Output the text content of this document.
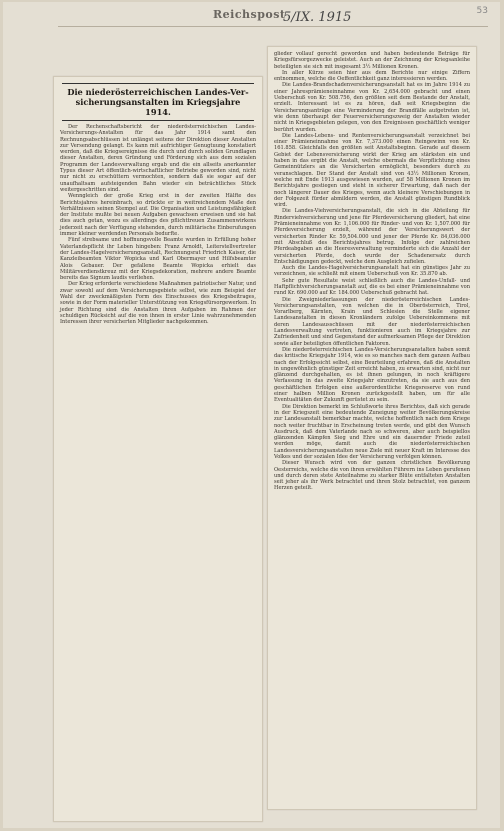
Reichspost
5/IX. 1915	53
Die niederösterreichischen Landes-Ver-
sicherungsanstalten im Kriegsjahre 1914.

Der Rechenschaftsbericht der niederösterreichischen Landes-Versicherungs-Anstalten für das Jahr 1914 samt den Rechnungsabschlüssen ist unlängst seitens der Direktion dieser Anstalten zur Versendung gelangt. Es kann mit aufrichtiger Genugtuung konstatiert werden, daß die Kriegsereignisse die durch und durch soliden Grundlagen dieser Anstalten, deren Gründung und Förderung sich aus dem sozialen Programm der Landesverwaltung ergab und die ein allseits anerkannter Typus dieser Art öffentlich-wirtschaftlicher Betriebe geworden sind, nicht nur nicht zu erschüttern vermochten, sondern daß sie sogar auf der unaufhaltsam aufsteigenden Bahn wieder ein beträchtliches Stück weitergeschritten sind.

Wenngleich der große Krieg erst in der zweiten Hälfte des Berichtsjahres hereinbrach, so drückte er in weitreichendem Maße den Verhältnissen seinen Stempel auf. Die Organisation und Leistungsfähigkeit der Institute mußte bei neuen Aufgaben gewachsen erweisen und sie hat dies auch getan, wozu es allerdings des pflichttreuen Zusammenwirkens jederzeit nach der Verfügung stehenden, durch militärische Einberufungen immer kleiner werdenden Personals bedurfte.

Fünf strebsame und hoffnungsvolle Beamte wurden in Erfüllung hoher Vaterlandspflicht ihr Leben hingeben: Franz Arnoldt, Leiterstellvertreter der Landes-Hagelversicherungsanstalt, Rechnungsrat Friedrich Kaiser, die Kanzleibeamten Viktor Wopicka und Karl Obermayer und Hilfsbeamter Alois Gebauer. Der gefallene Beamte Wopicka erhielt das Militärverdienstkreuz mit der Kriegsdekoration, mehrere andere Beamte bereits das Signum laudis verliehen.

Der Krieg erforderte verschiedene Maßnahmen patriotischer Natur, und zwar sowohl auf dem Versicherungsgebiete selbst, wie zum Beispiel der Wahl der zweckmäßigsten Form des Einschusses des Kriegsbeitrages, sowie in der Form materieller Unterstützung von Kriegsfürsorgewerken. In jeder Richtung sind die Anstalten ihren Aufgaben im Rahmen der schuldigen Rücksicht auf die von ihnen in erster Linie wahrzunehmenden Interessen ihrer versicherten Mitglieder nachgekommen.

glieder vollauf gerecht geworden und haben bedeutende Beträge für Kriegsfürsorgezwecke geleistet. Auch an der Zeichnung der Kriegsanleihe beteiligten sie sich mit insgesamt 3½ Millionen Kronen.

In aller Kürze seien hier aus dem Berichte nur einige Ziffern entnommen, welche die Oeffentlichkeit ganz interessieren werden.

Die Landes-Brandschadenversicherungsanstalt hat es im Jahre 1914 zu einer Jahresprämieneinnahme von Kr. 2,654.000 gebracht und einen Ueberschuß von Kr. 508.756, den größten seit dem Bestande der Anstalt, erzielt. Interessant ist es zu hören, daß seit Kriegsbeginn die Versicherungsanträge eine Verminderung der Brandfälle aufgetreten ist, wie denn überhaupt der Feuerversicherungszweig der Anstalten wieder nicht in Kriegsgebieten gelegen, von den Ereignissen geschäftlich weniger berührt wurden.

Die Landes-Lebens- und Rentenversicherungsanstalt verzeichnet bei einer Prämieneinnahme von Kr. 7,373.000 einen Reingewinn von Kr. 161.858. Gleichfalls den größten seit Anstaltsbeginn. Gerade auf diesem Gebiet der Lebensversicherung wirkt der Krieg am stärksten ein und haben in das ergibt die Anstalt, welche obermals die Verpflichtung eines Gemeinnützlers an die Versicherten ermöglicht, besonders durch zu veranschlagen. Der Stand der Anstalt sind von 43½ Millionen Kronen, welche mit Ende 1913 ausgewiesen wurden, auf 58 Millionen Kronen im Berichtsjahre gestiegen und steht in sicherer Erwartung, daß nach der noch längerer Dauer des Krieges, wenn auch kleinere Verschiebungen in der Folgezeit fürder abmildern werden, die Anstalt günstigen Rundblick wird.

Die Landes-Viehversicherungsanstalt, die sich in die Abteilung für Rinderviehversicherung und jene für Pferdeversicherung gliedert, hat eine Prämieneinnahme von Kr. 1,106.000 für Rinder- und von Kr. 1,507.000 für Pferdeversicherung erzielt, während der Versicherungswert der versicherten Rinder Kr. 59,504.000 und jener der Pferde Kr. 84,036.000 mit Abschluß des Berichtsjahres betrug. Infolge der zahlreichen Pferdeabgaben an die Heeresverwaltung verminderte sich die Anzahl der versicherten Pferde, doch wurde der Schadenersatz durch Entschädigungen gedeckt, welche dem Ausgleich zufielen.

Auch die Landes-Hagelversicherungsanstalt hat ein günstiges Jahr zu verzeichnen, sie schließt mit einem Ueberschuß von Kr. 35.870 ab.

Sehr gute Resultate weist schließlich auch die Landes-Unfall- und Haftpflichtversicherungsanstalt auf, die es bei einer Prämieneinnahme von rund Kr. 690.000 auf Kr. 184.000 Ueberschuß gebracht hat.

Die Zweigniederlassungen der niederösterreichischen Landes-Versicherungsanstalten, von welchen die in Oberösterreich, Tirol, Vorarlberg, Kärnten, Krain und Schlesien die Stelle eigener Landesanstalten in diesen Kronländern zufolge Uebereinkommens mit deren Landesausschüssen mit der niederösterreichischen Landesverwaltung vertreten, funktionieren auch im Kriegsjahre zur Zufriedenheit und sind Gegenstand der aufmerksamen Pflege der Direktion sowie aller beteiligten öffentlichen Faktoren.

Die niederösterreichischen Landes-Versicherungsanstalten haben somit das kritische Kriegsjahr 1914, wie es so manches nach dem ganzen Aufbau nach der Erfolgssicht selbst, eine Beurteilung erfahren, daß die Anstalten in ungewöhnlich günstiger Zeit erreicht haben, zu erwarten sind, nicht nur glänzend durchgehalten, es ist ihnen gelungen, in noch kräftigere Verfassung in das zweite Kriegsjahr einzutreten, da sie auch aus den geschäftlichen Erfolgen eine außerordentliche Kriegsreserve von rund einer halben Million Kronen zurückgestellt haben, um für alle Eventualitäten der Zukunft gerüstet zu sein.

Die Direktion bemerkt im Schlußworte ihres Berichtes, daß sich gerade in der Kriegszeit eine bedeutende Zuneigung weiter Bevölkerungskreise zur Landesanstalt bemerkbar machte, welche hoffentlich nach dem Kriege noch weiter fruchtbar in Erscheinung treten werde, und gibt den Wunsch Ausdruck, daß dem Vaterlande nach so schweren, aber auch beispiellos glänzenden Kämpfen Sieg und Ehre und ein dauernder Friede zuteil werden möge, damit auch die niederösterreichischen Landesversicherungsanstalten neue Ziele mit neuer Kraft im Interesse des Volkes und der sozialen Idee der Versicherung verfolgen können.

Dieser Wunsch wird von der ganzen christlichen Bevölkerung Oesterreichs, welche die von ihren erwählten Führern ins Leben gerufenen und durch deren stete Anteilnahme zu starker Blüte entfalteten Anstalten seit jeher als ihr Werk betrachtet und ihren Stolz betrachtet, von ganzem Herzen geteilt.
